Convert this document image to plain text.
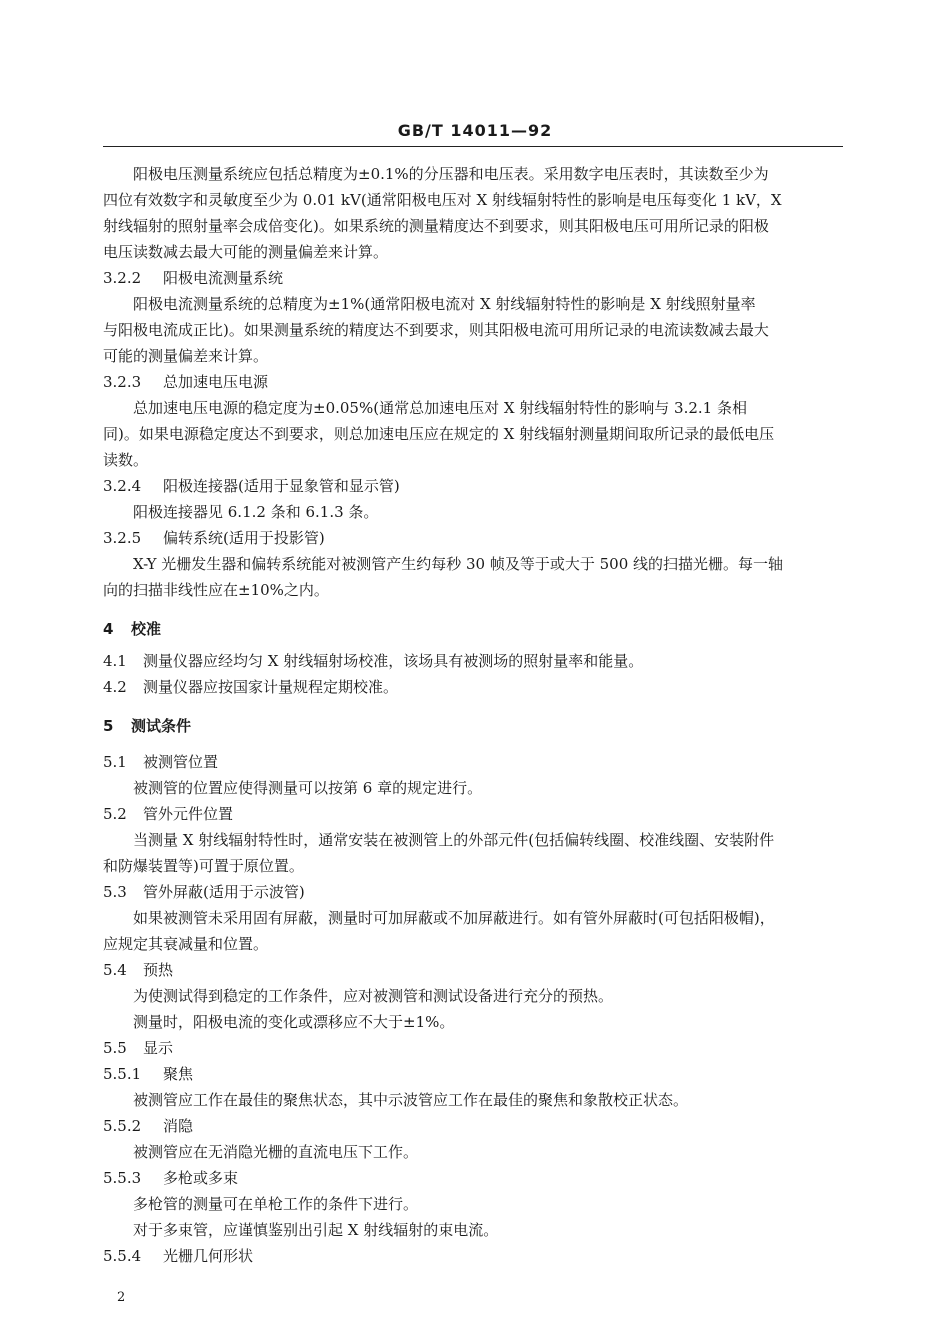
GB/T 14011—92
阳极电压测量系统应包括总精度为±0.1%的分压器和电压表。采用数字电压表时，其读数至少为
四位有效数字和灵敏度至少为 0.01 kV(通常阳极电压对 X 射线辐射特性的影响是电压每变化 1 kV，X
射线辐射的照射量率会成倍变化)。如果系统的测量精度达不到要求，则其阳极电压可用所记录的阳极
电压读数减去最大可能的测量偏差来计算。
3.2.2 阳极电流测量系统
阳极电流测量系统的总精度为±1%(通常阳极电流对 X 射线辐射特性的影响是 X 射线照射量率
与阳极电流成正比)。如果测量系统的精度达不到要求，则其阳极电流可用所记录的电流读数减去最大
可能的测量偏差来计算。
3.2.3 总加速电压电源
总加速电压电源的稳定度为±0.05%(通常总加速电压对 X 射线辐射特性的影响与 3.2.1 条相
同)。如果电源稳定度达不到要求，则总加速电压应在规定的 X 射线辐射测量期间取所记录的最低电压
读数。
3.2.4 阳极连接器(适用于显象管和显示管)
阳极连接器见 6.1.2 条和 6.1.3 条。
3.2.5 偏转系统(适用于投影管)
X-Y 光栅发生器和偏转系统能对被测管产生约每秒 30 帧及等于或大于 500 线的扫描光栅。每一轴
向的扫描非线性应在±10%之内。
4 校准
4.1 测量仪器应经均匀 X 射线辐射场校准，该场具有被测场的照射量率和能量。
4.2 测量仪器应按国家计量规程定期校准。
5 测试条件
5.1 被测管位置
被测管的位置应使得测量可以按第 6 章的规定进行。
5.2 管外元件位置
当测量 X 射线辐射特性时，通常安装在被测管上的外部元件(包括偏转线圈、校准线圈、安装附件
和防爆装置等)可置于原位置。
5.3 管外屏蔽(适用于示波管)
如果被测管未采用固有屏蔽，测量时可加屏蔽或不加屏蔽进行。如有管外屏蔽时(可包括阳极帽)，
应规定其衰减量和位置。
5.4 预热
为使测试得到稳定的工作条件，应对被测管和测试设备进行充分的预热。
测量时，阳极电流的变化或漂移应不大于±1%。
5.5 显示
5.5.1 聚焦
被测管应工作在最佳的聚焦状态，其中示波管应工作在最佳的聚焦和象散校正状态。
5.5.2 消隐
被测管应在无消隐光栅的直流电压下工作。
5.5.3 多枪或多束
多枪管的测量可在单枪工作的条件下进行。
对于多束管，应谨慎鉴别出引起 X 射线辐射的束电流。
5.5.4 光栅几何形状
2
